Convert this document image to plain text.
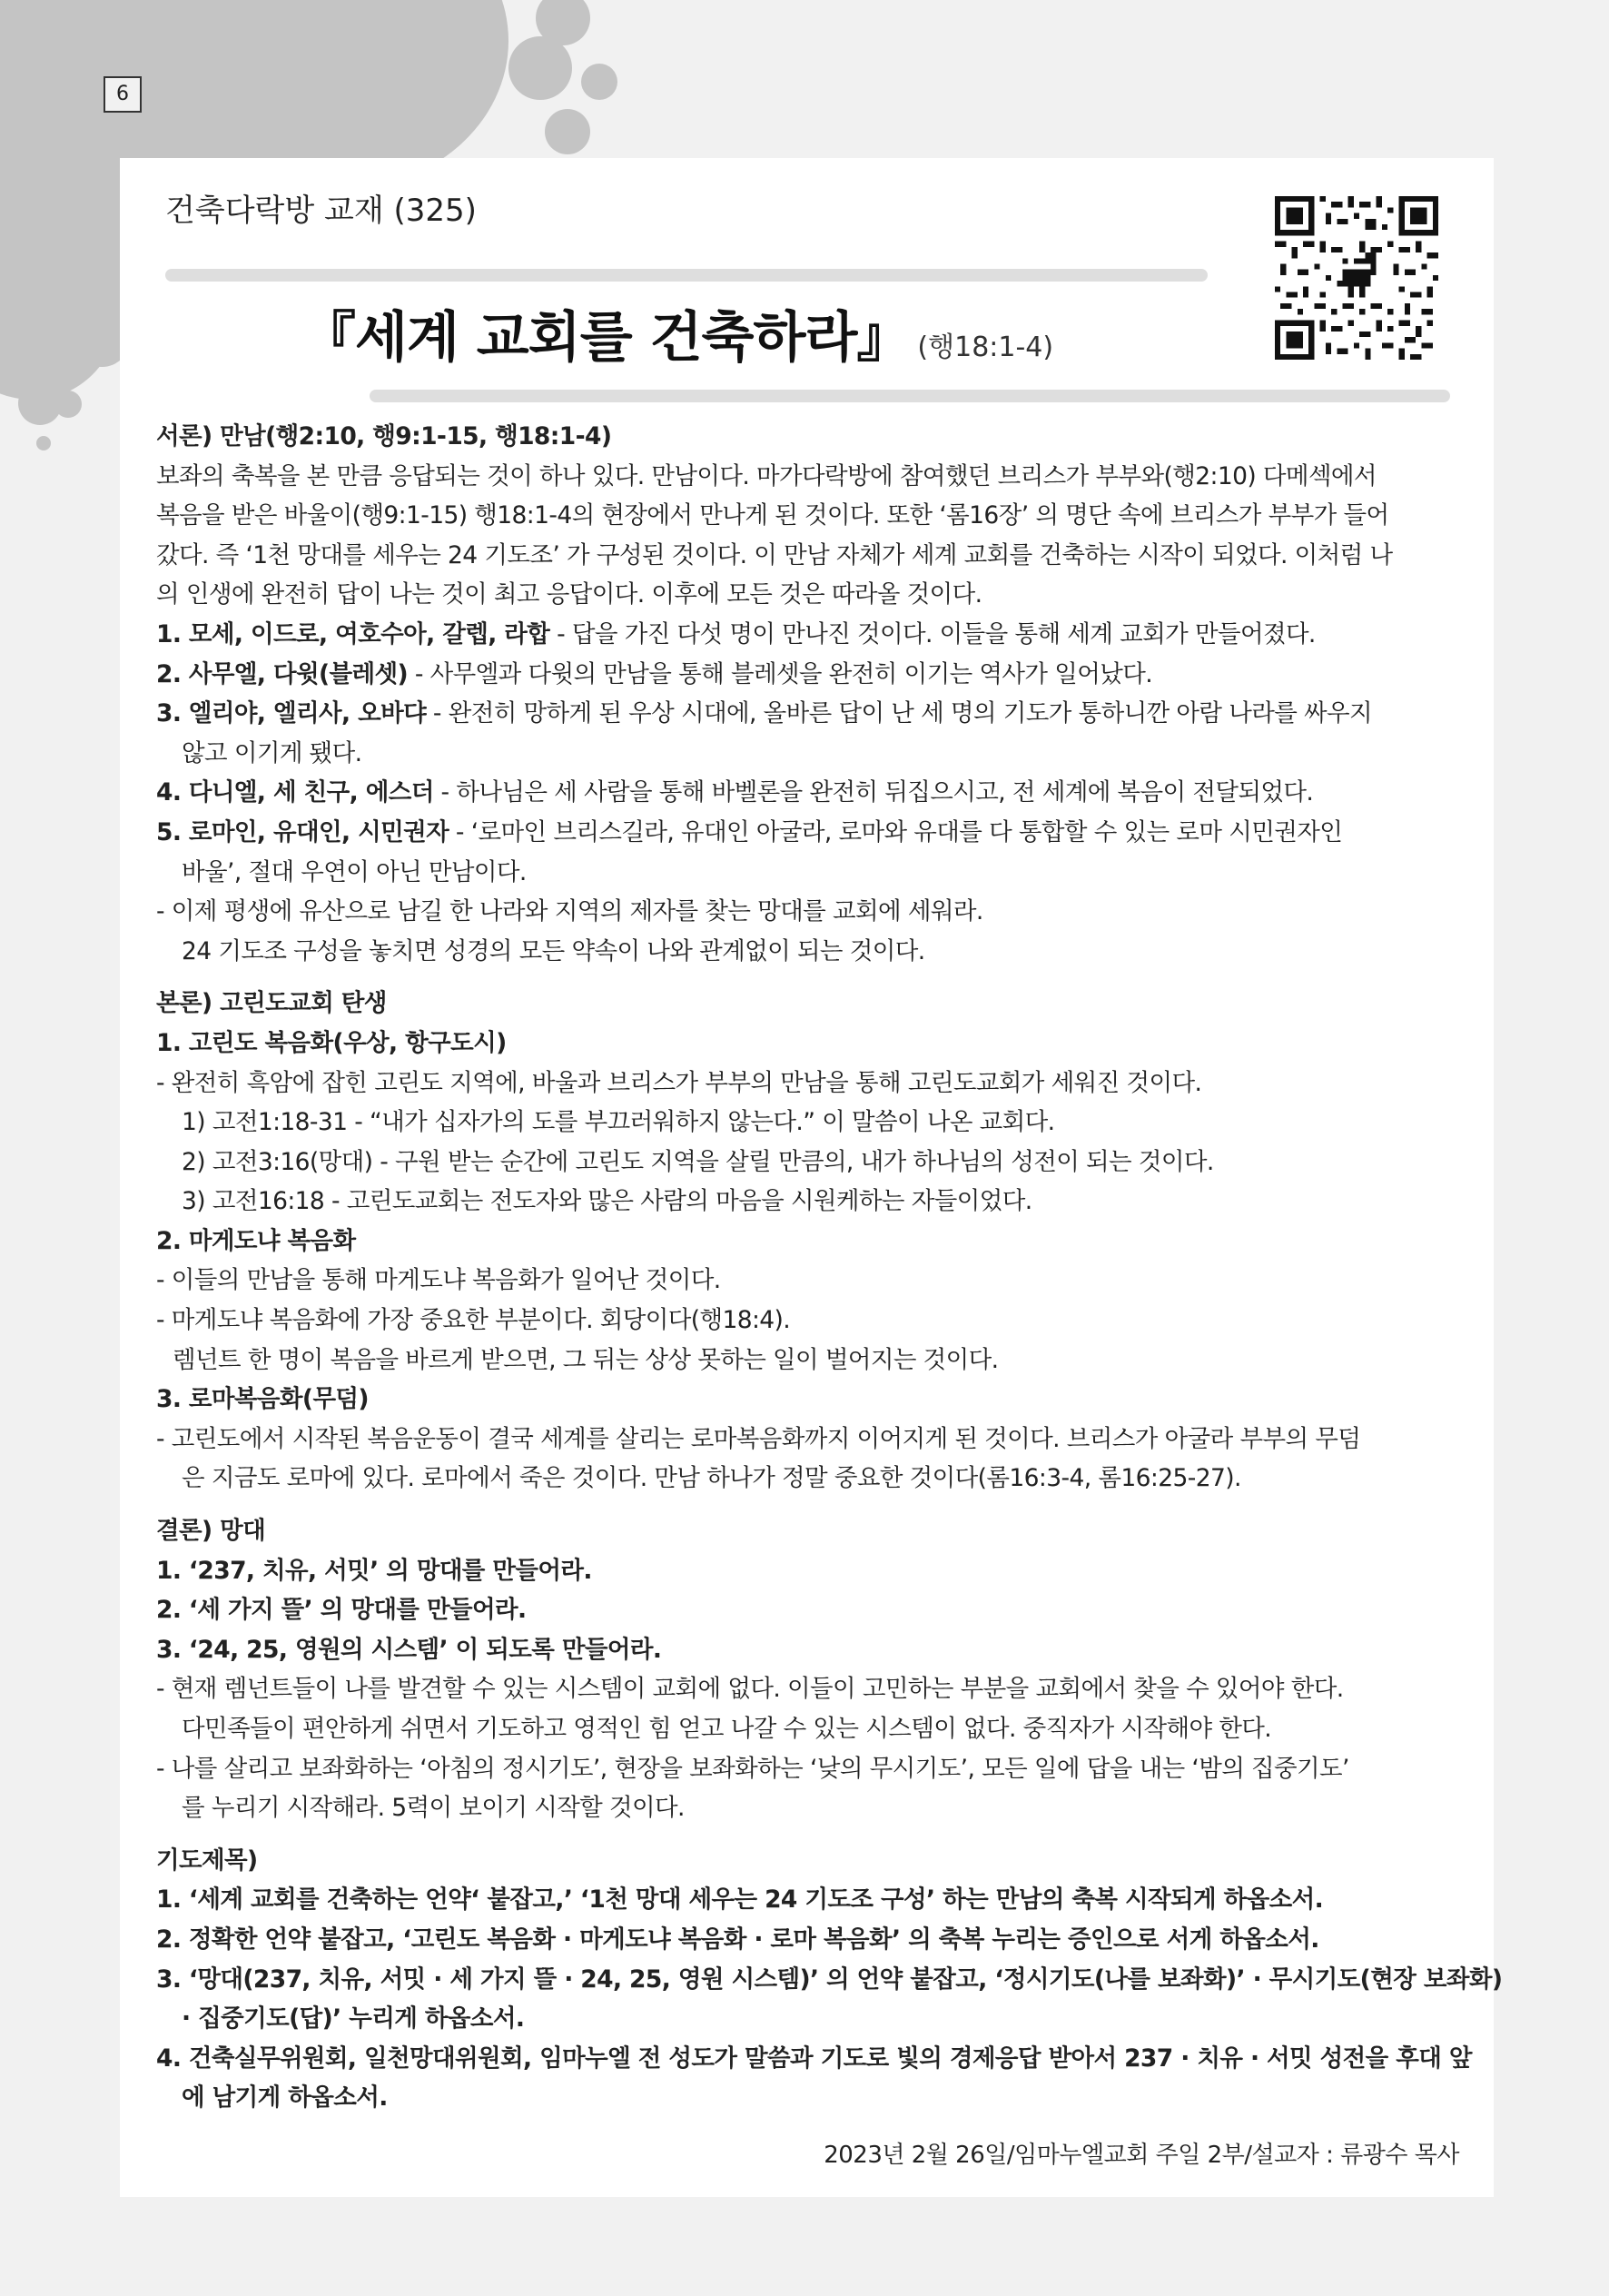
6
건축다락방 교재 (325)
『세계 교회를 건축하라』 (행18:1-4)

서론) 만남(행2:10, 행9:1-15, 행18:1-4)

보좌의 축복을 본 만큼 응답되는 것이 하나 있다. 만남이다. 마가다락방에 참여했던 브리스가 부부와(행2:10) 다메섹에서

복음을 받은 바울이(행9:1-15) 행18:1-4의 현장에서 만나게 된 것이다. 또한 ‘롬16장’ 의 명단 속에 브리스가 부부가 들어

갔다. 즉 ‘1천 망대를 세우는 24 기도조’ 가 구성된 것이다. 이 만남 자체가 세계 교회를 건축하는 시작이 되었다. 이처럼 나

의 인생에 완전히 답이 나는 것이 최고 응답이다. 이후에 모든 것은 따라올 것이다.

1. 모세, 이드로, 여호수아, 갈렙, 라합 - 답을 가진 다섯 명이 만나진 것이다. 이들을 통해 세계 교회가 만들어졌다.

2. 사무엘, 다윗(블레셋) - 사무엘과 다윗의 만남을 통해 블레셋을 완전히 이기는 역사가 일어났다.

3. 엘리야, 엘리사, 오바댜 - 완전히 망하게 된 우상 시대에, 올바른 답이 난 세 명의 기도가 통하니깐 아람 나라를 싸우지

않고 이기게 됐다.

4. 다니엘, 세 친구, 에스더 - 하나님은 세 사람을 통해 바벨론을 완전히 뒤집으시고, 전 세계에 복음이 전달되었다.

5. 로마인, 유대인, 시민권자 - ‘로마인 브리스길라, 유대인 아굴라, 로마와 유대를 다 통합할 수 있는 로마 시민권자인

바울’, 절대 우연이 아닌 만남이다.

- 이제 평생에 유산으로 남길 한 나라와 지역의 제자를 찾는 망대를 교회에 세워라.

24 기도조 구성을 놓치면 성경의 모든 약속이 나와 관계없이 되는 것이다.

본론) 고린도교회 탄생

1. 고린도 복음화(우상, 항구도시)

- 완전히 흑암에 잡힌 고린도 지역에, 바울과 브리스가 부부의 만남을 통해 고린도교회가 세워진 것이다.

1) 고전1:18-31 - “내가 십자가의 도를 부끄러워하지 않는다.” 이 말씀이 나온 교회다.

2) 고전3:16(망대) - 구원 받는 순간에 고린도 지역을 살릴 만큼의, 내가 하나님의 성전이 되는 것이다.

3) 고전16:18 - 고린도교회는 전도자와 많은 사람의 마음을 시원케하는 자들이었다.

2. 마게도냐 복음화

- 이들의 만남을 통해 마게도냐 복음화가 일어난 것이다.

- 마게도냐 복음화에 가장 중요한 부분이다. 회당이다(행18:4).

렘넌트 한 명이 복음을 바르게 받으면, 그 뒤는 상상 못하는 일이 벌어지는 것이다.

3. 로마복음화(무덤)

- 고린도에서 시작된 복음운동이 결국 세계를 살리는 로마복음화까지 이어지게 된 것이다. 브리스가 아굴라 부부의 무덤

은 지금도 로마에 있다. 로마에서 죽은 것이다. 만남 하나가 정말 중요한 것이다(롬16:3-4, 롬16:25-27).

결론) 망대

1. ‘237, 치유, 서밋’ 의 망대를 만들어라.

2. ‘세 가지 뜰’ 의 망대를 만들어라.

3. ‘24, 25, 영원의 시스템’ 이 되도록 만들어라.

- 현재 렘넌트들이 나를 발견할 수 있는 시스템이 교회에 없다. 이들이 고민하는 부분을 교회에서 찾을 수 있어야 한다.

다민족들이 편안하게 쉬면서 기도하고 영적인 힘 얻고 나갈 수 있는 시스템이 없다. 중직자가 시작해야 한다.

- 나를 살리고 보좌화하는 ‘아침의 정시기도’, 현장을 보좌화하는 ‘낮의 무시기도’, 모든 일에 답을 내는 ‘밤의 집중기도’

를 누리기 시작해라. 5력이 보이기 시작할 것이다.

기도제목)

1. ‘세계 교회를 건축하는 언약‘ 붙잡고,’ ‘1천 망대 세우는 24 기도조 구성’ 하는 만남의 축복 시작되게 하옵소서.

2. 정확한 언약 붙잡고, ‘고린도 복음화 · 마게도냐 복음화 · 로마 복음화’ 의 축복 누리는 증인으로 서게 하옵소서.

3. ‘망대(237, 치유, 서밋 · 세 가지 뜰 · 24, 25, 영원 시스템)’ 의 언약 붙잡고, ‘정시기도(나를 보좌화)’ · 무시기도(현장 보좌화)

· 집중기도(답)’ 누리게 하옵소서.

4. 건축실무위원회, 일천망대위원회, 임마누엘 전 성도가 말씀과 기도로 빛의 경제응답 받아서 237 · 치유 · 서밋 성전을 후대 앞

에 남기게 하옵소서.

2023년 2월 26일/임마누엘교회 주일 2부/설교자 : 류광수 목사
